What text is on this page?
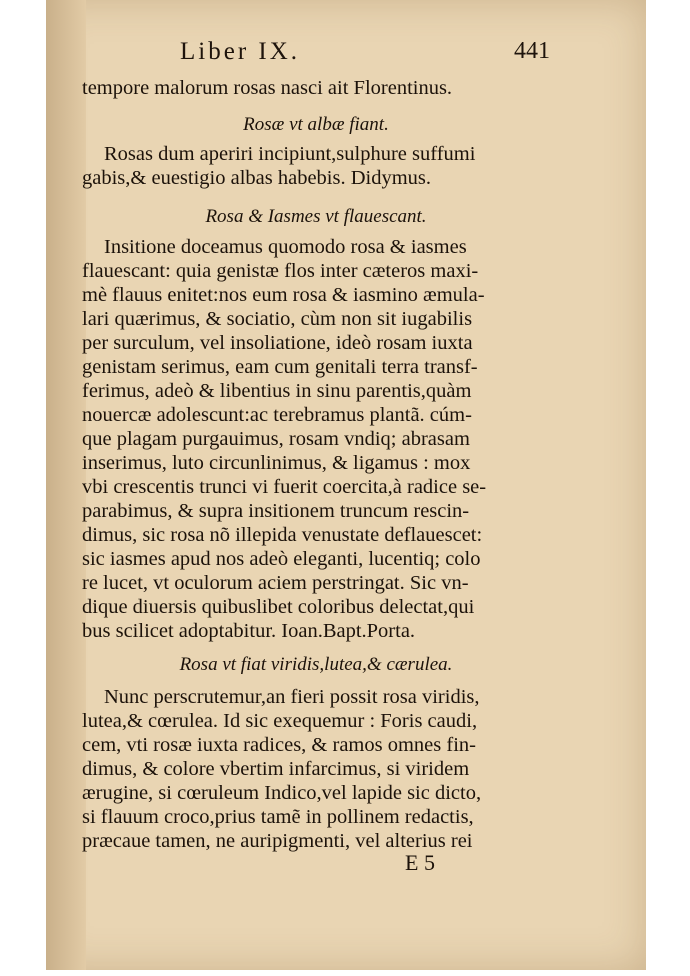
Liber IX.	441
tempore malorum rosas nasci ait Florentinus.
Rosæ vt albæ fiant.
Rosas dum aperiri incipiunt,sulphure suffumi
gabis,& euestigio albas habebis. Didymus.
Rosa & Iasmes vt flauescant.
Insitione doceamus quomodo rosa & iasmes
flauescant: quia genistæ flos inter cæteros maxi-
mè flauus enitet:nos eum rosa & iasmino æmula-
lari quærimus, & sociatio, cùm non sit iugabilis
per surculum, vel insoliatione, ideò rosam iuxta
genistam serimus, eam cum genitali terra transf-
ferimus, adeò & libentius in sinu parentis,quàm
nouercæ adolescunt:ac terebramus plantã. cúm-
que plagam purgauimus, rosam vndiq; abrasam
inserimus, luto circunlinimus, & ligamus : mox
vbi crescentis trunci vi fuerit coercita,à radice se-
parabimus, & supra insitionem truncum rescin-
dimus, sic rosa nõ illepida venustate deflauescet:
sic iasmes apud nos adeò eleganti, lucentiq; colo
re lucet, vt oculorum aciem perstringat. Sic vn-
dique diuersis quibuslibet coloribus delectat,qui
bus scilicet adoptabitur. Ioan.Bapt.Porta.
Rosa vt fiat viridis,lutea,& cærulea.
Nunc perscrutemur,an fieri possit rosa viridis,
lutea,& cœrulea. Id sic exequemur : Foris caudi,
cem, vti rosæ iuxta radices, & ramos omnes fin-
dimus, & colore vbertim infarcimus, si viridem
ærugine, si cœruleum Indico,vel lapide sic dicto,
si flauum croco,prius tamẽ in pollinem redactis,
præcaue tamen, ne auripigmenti, vel alterius rei
E 5
